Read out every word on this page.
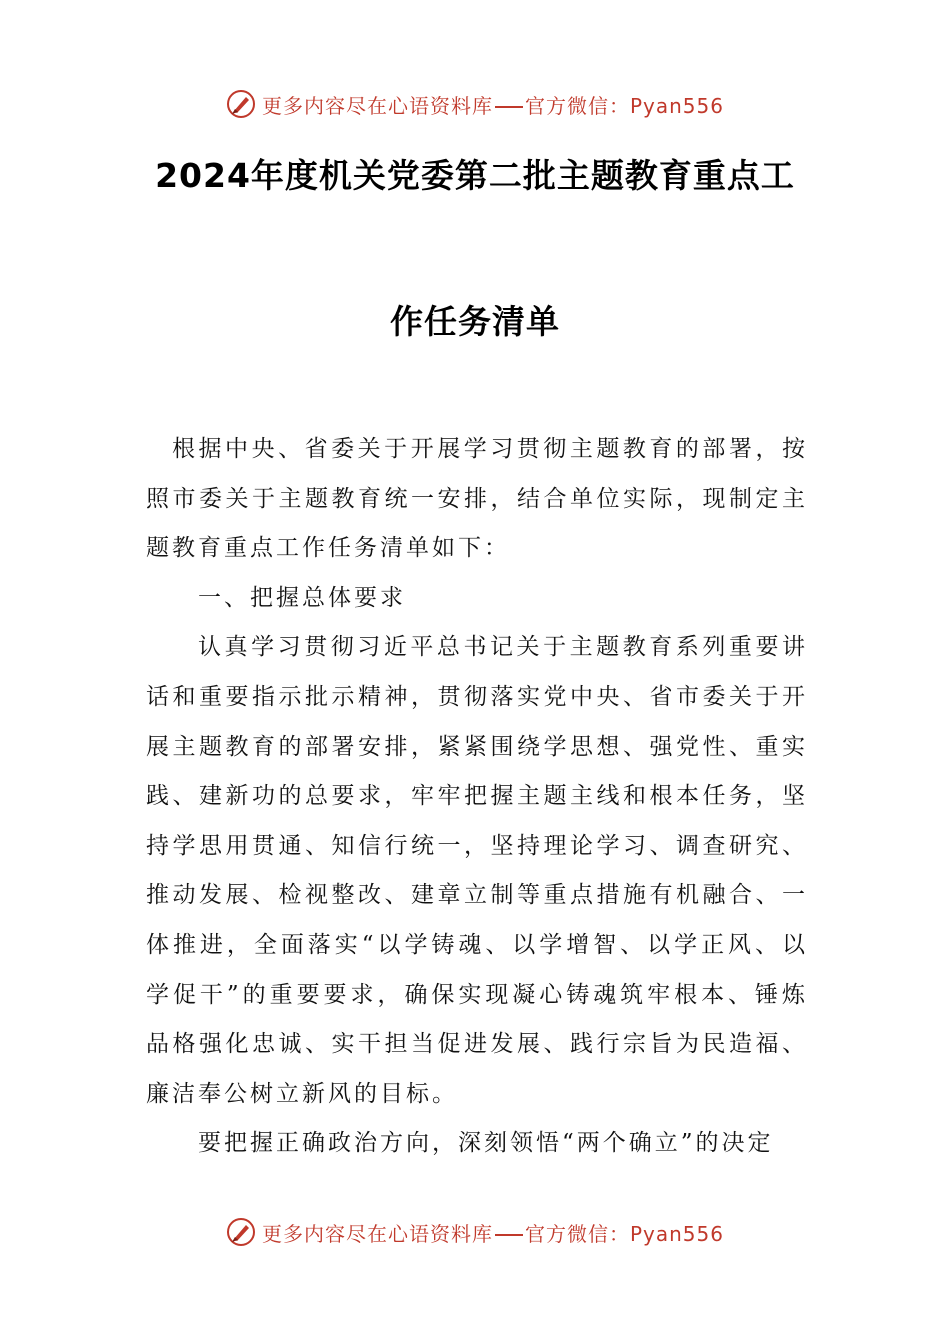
更多内容尽在心语资料库 官方微信：Pyan556
2024年度机关党委第二批主题教育重点工
作任务清单

根据中央、省委关于开展学习贯彻主题教育的部署，按照市委关于主题教育统一安排，结合单位实际，现制定主题教育重点工作任务清单如下：

一、把握总体要求

认真学习贯彻习近平总书记关于主题教育系列重要讲话和重要指示批示精神，贯彻落实党中央、省市委关于开展主题教育的部署安排，紧紧围绕学思想、强党性、重实践、建新功的总要求，牢牢把握主题主线和根本任务，坚持学思用贯通、知信行统一，坚持理论学习、调查研究、推动发展、检视整改、建章立制等重点措施有机融合、一体推进，全面落实“以学铸魂、以学增智、以学正风、以学促干”的重要要求，确保实现凝心铸魂筑牢根本、锤炼品格强化忠诚、实干担当促进发展、践行宗旨为民造福、廉洁奉公树立新风的目标。

要把握正确政治方向，深刻领悟“两个确立”的决定

更多内容尽在心语资料库 官方微信：Pyan556
